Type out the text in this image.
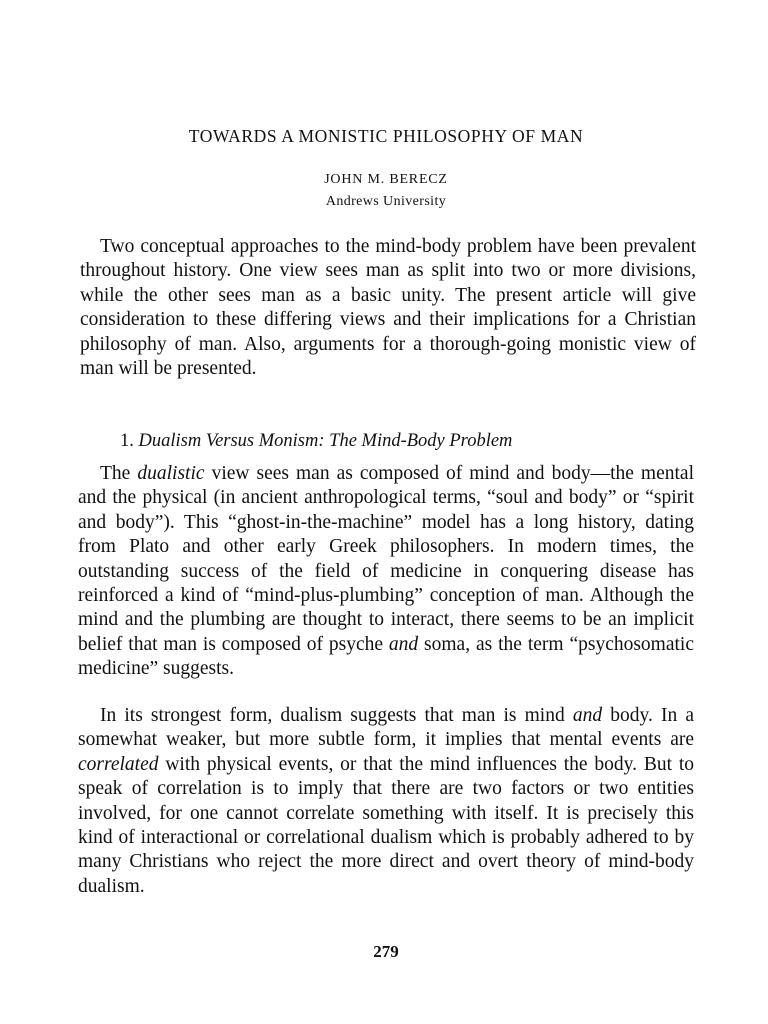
TOWARDS A MONISTIC PHILOSOPHY OF MAN

JOHN M. BERECZ

Andrews University

Two conceptual approaches to the mind-body problem have been prevalent throughout history. One view sees man as split into two or more divisions, while the other sees man as a basic unity. The present article will give consideration to these differing views and their implications for a Christian philosophy of man. Also, arguments for a thorough-going monistic view of man will be presented.

1. Dualism Versus Monism: The Mind-Body Problem

The dualistic view sees man as composed of mind and body—the mental and the physical (in ancient anthropological terms, “soul and body” or “spirit and body”). This “ghost-in-the-machine” model has a long history, dating from Plato and other early Greek philosophers. In modern times, the outstanding success of the field of medicine in conquering disease has reinforced a kind of “mind-plus-plumbing” conception of man. Although the mind and the plumbing are thought to interact, there seems to be an implicit belief that man is composed of psyche and soma, as the term “psychosomatic medicine” suggests.

In its strongest form, dualism suggests that man is mind and body. In a somewhat weaker, but more subtle form, it implies that mental events are correlated with physical events, or that the mind influences the body. But to speak of correlation is to imply that there are two factors or two entities involved, for one cannot correlate something with itself. It is precisely this kind of interactional or correlational dualism which is probably adhered to by many Christians who reject the more direct and overt theory of mind-body dualism.

279
